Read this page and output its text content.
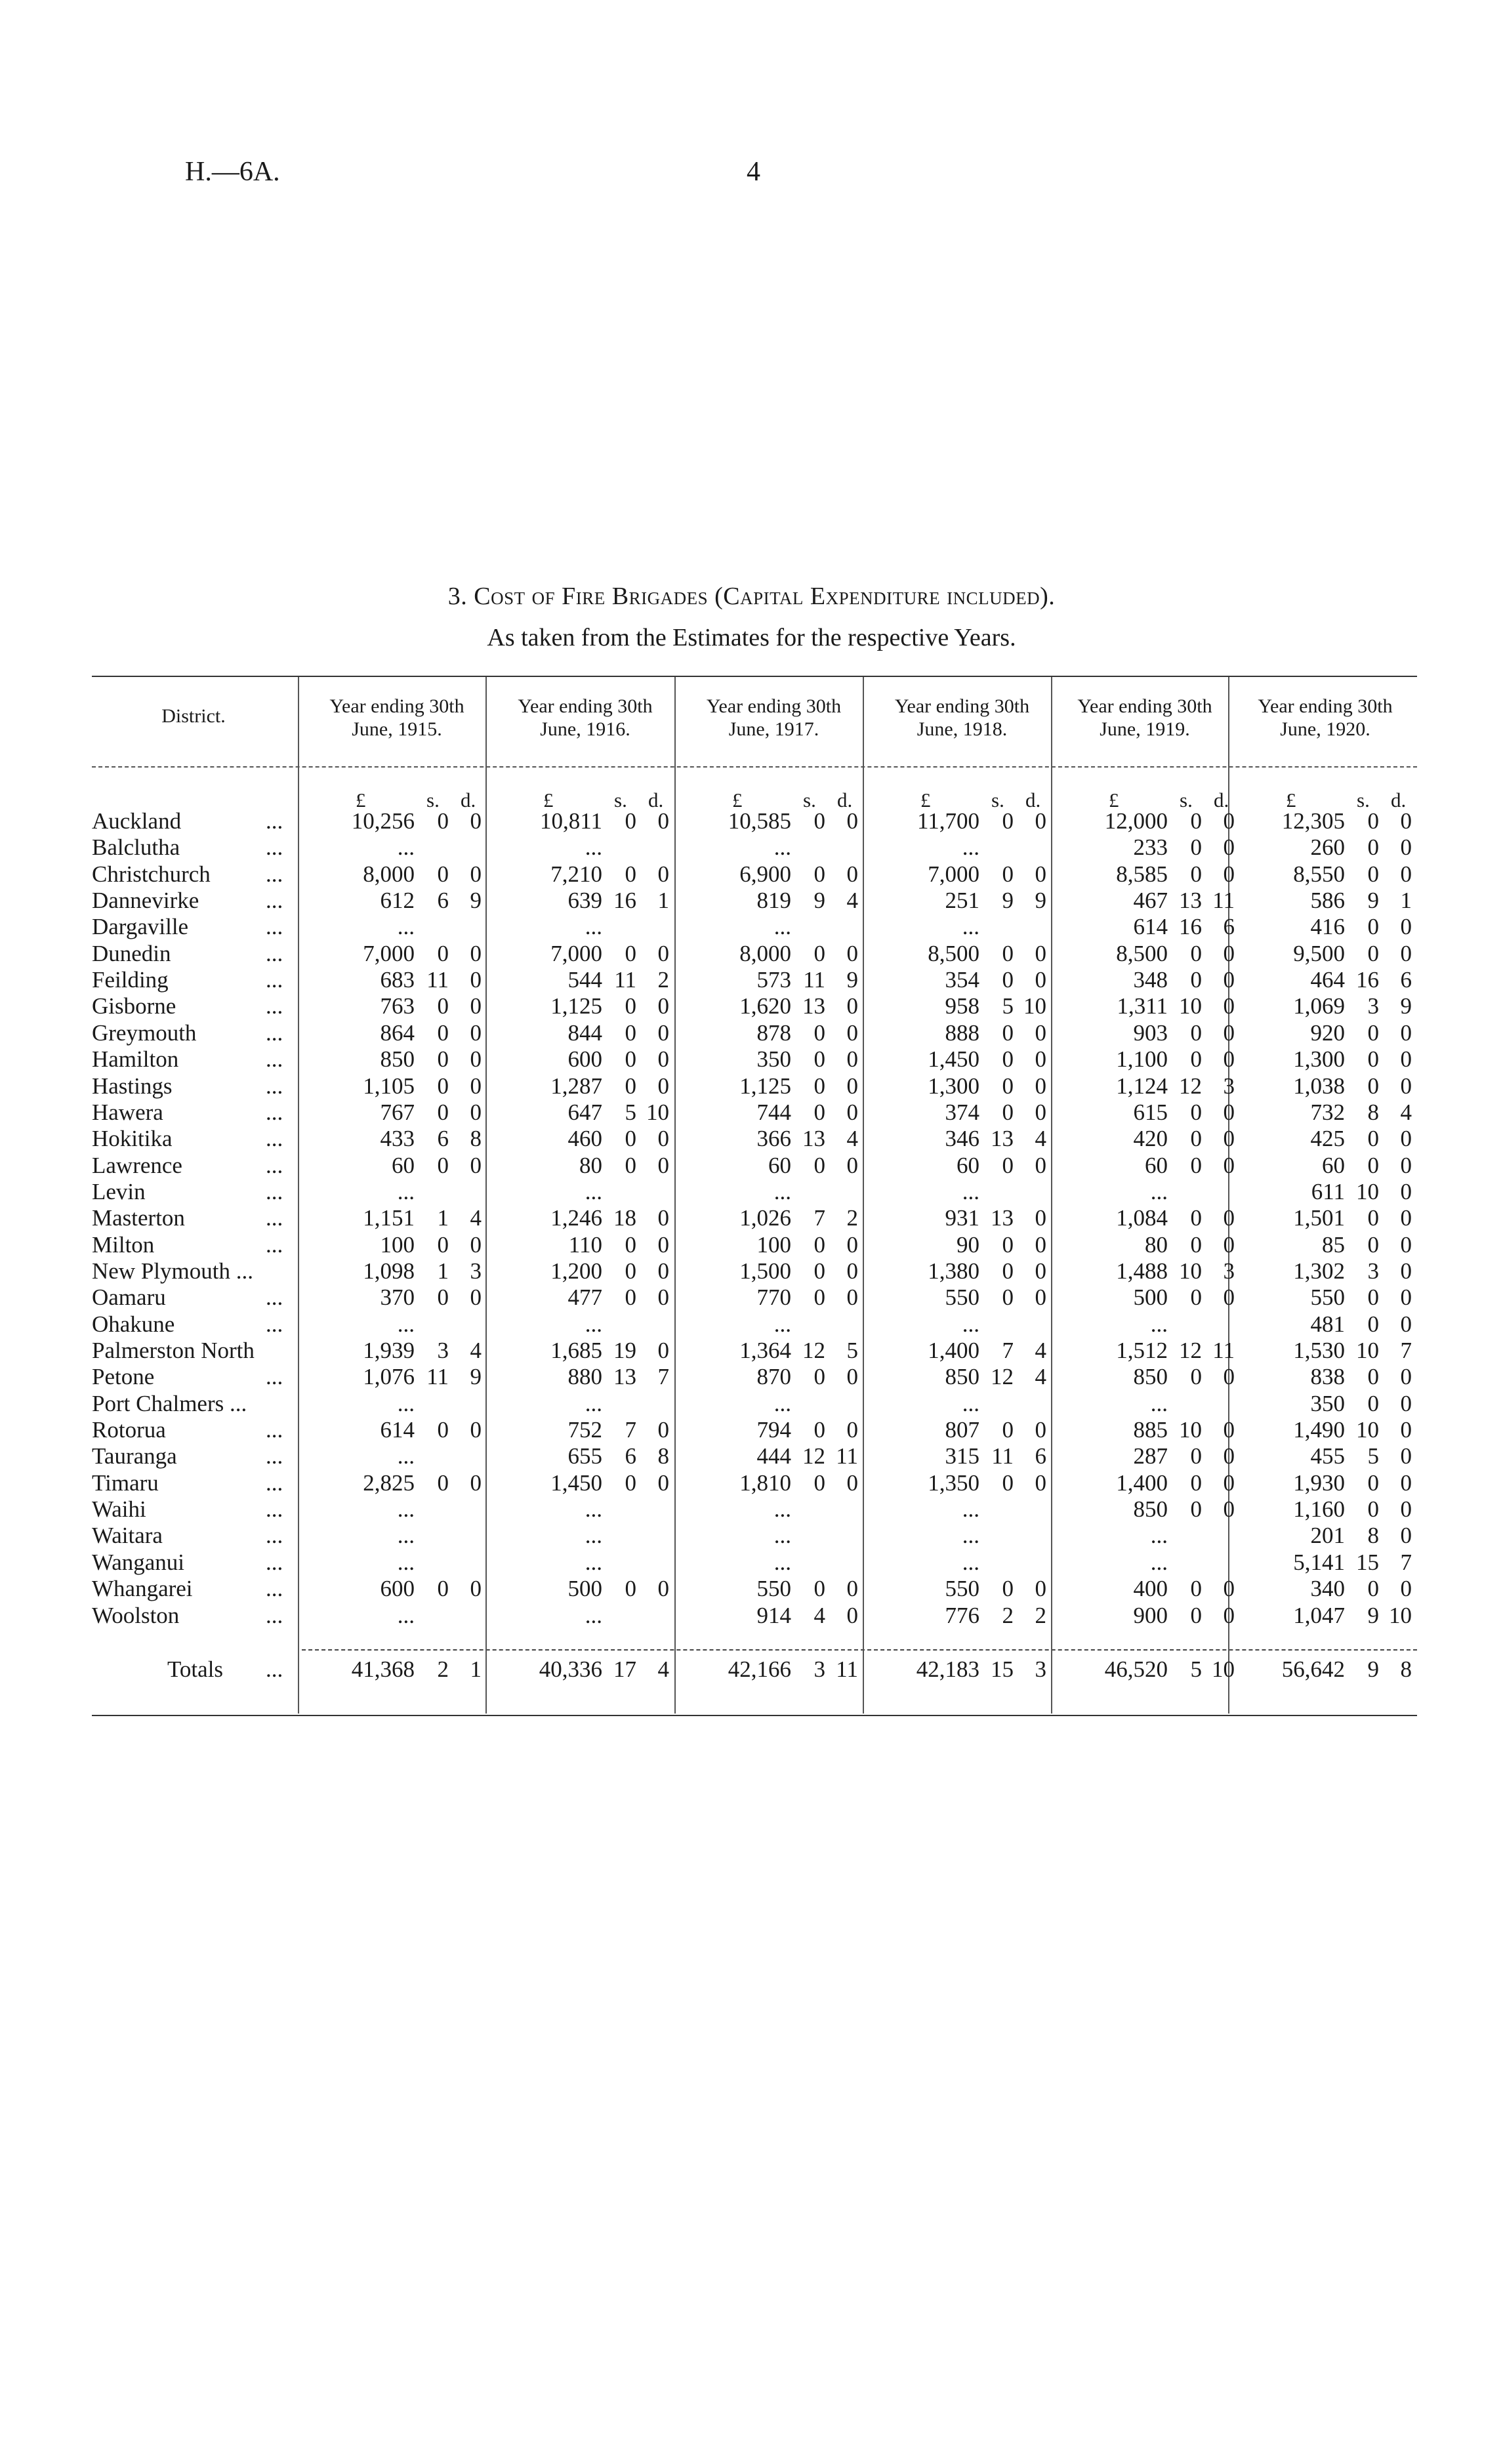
H.—6A.	4
3. Cost of Fire Brigades (Capital Expenditure included).
As taken from the Estimates for the respective Years.
District.	Year ending 30th
June, 1915.
Year ending 30th
June, 1916.
Year ending 30th
June, 1917.
Year ending 30th
June, 1918.
Year ending 30th
June, 1919.
Year ending 30th
June, 1920.
£	s. d.	£	s. d.	£	s. d.	£	s. d.	£	s. d.	£	s. d.
Auckland	...	10,256 0 0	10,811 0 0	10,585 0 0	11,700 0 0	12,000 0 0	12,305 0 0
Balclutha	...	...	...	...	...	233 0 0	260 0 0
Christchurch ...	8,000 0 0	7,210 0 0	6,900 0 0	7,000 0 0	8,585 0 0	8,550 0 0
Dannevirke	...	612 6 9	639 16 1	819 9 4	251 9 9	467 13 11	586 9 1
Dargaville	...	...	...	...	...	614 16 6	416 0 0
Dunedin	...	7,000 0 0	7,000 0 0	8,000 0 0	8,500 0 0	8,500 0 0	9,500 0 0
Feilding	...	683 11 0	544 11 2	573 11 9	354 0 0	348 0 0	464 16 6
Gisborne	...	763 0 0	1,125 0 0	1,620 13 0	958 5 10	1,311 10 0	1,069 3 9
Greymouth	...	864 0 0	844 0 0	878 0 0	888 0 0	903 0 0	920 0 0
Hamilton	...	850 0 0	600 0 0	350 0 0	1,450 0 0	1,100 0 0	1,300 0 0
Hastings	...	1,105 0 0	1,287 0 0	1,125 0 0	1,300 0 0	1,124 12 3	1,038 0 0
Hawera	...	767 0 0	647 5 10	744 0 0	374 0 0	615 0 0	732 8 4
Hokitika	...	433 6 8	460 0 0	366 13 4	346 13 4	420 0 0	425 0 0
Lawrence	...	60 0 0	80 0 0	60 0 0	60 0 0	60 0 0	60 0 0
Levin	...	...	...	...	...	...	611 10 0
Masterton	...	1,151 1 4	1,246 18 0	1,026 7 2	931 13 0	1,084 0 0	1,501 0 0
Milton	...	100 0 0	110 0 0	100 0 0	90 0 0	80 0 0	85 0 0
New Plymouth ...	1,098 1 3	1,200 0 0	1,500 0 0	1,380 0 0	1,488 10 3	1,302 3 0
Oamaru	...	370 0 0	477 0 0	770 0 0	550 0 0	500 0 0	550 0 0
Ohakune	...	...	...	...	...	...	481 0 0
Palmerston North	1,939 3 4	1,685 19 0	1,364 12 5	1,400 7 4	1,512 12 11	1,530 10 7
Petone	...	1,076 11 9	880 13 7	870 0 0	850 12 4	850 0 0	838 0 0
Port Chalmers ...	...	...	...	...	...	350 0 0
Rotorua	...	614 0 0	752 7 0	794 0 0	807 0 0	885 10 0	1,490 10 0
Tauranga	...	...	655 6 8	444 12 11	315 11 6	287 0 0	455 5 0
Timaru	...	2,825 0 0	1,450 0 0	1,810 0 0	1,350 0 0	1,400 0 0	1,930 0 0
Waihi	...	...	...	...	...	850 0 0	1,160 0 0
Waitara	...	...	...	...	...	...	201 8 0
Wanganui	...	...	...	...	...	...	5,141 15 7
Whangarei	...	600 0 0	500 0 0	550 0 0	550 0 0	400 0 0	340 0 0
Woolston	...	...	...	914 4 0	776 2 2	900 0 0	1,047 9 10
Totals ...	41,368 2 1	40,336 17 4	42,166 3 11	42,183 15 3	46,520 5 10	56,642 9 8
